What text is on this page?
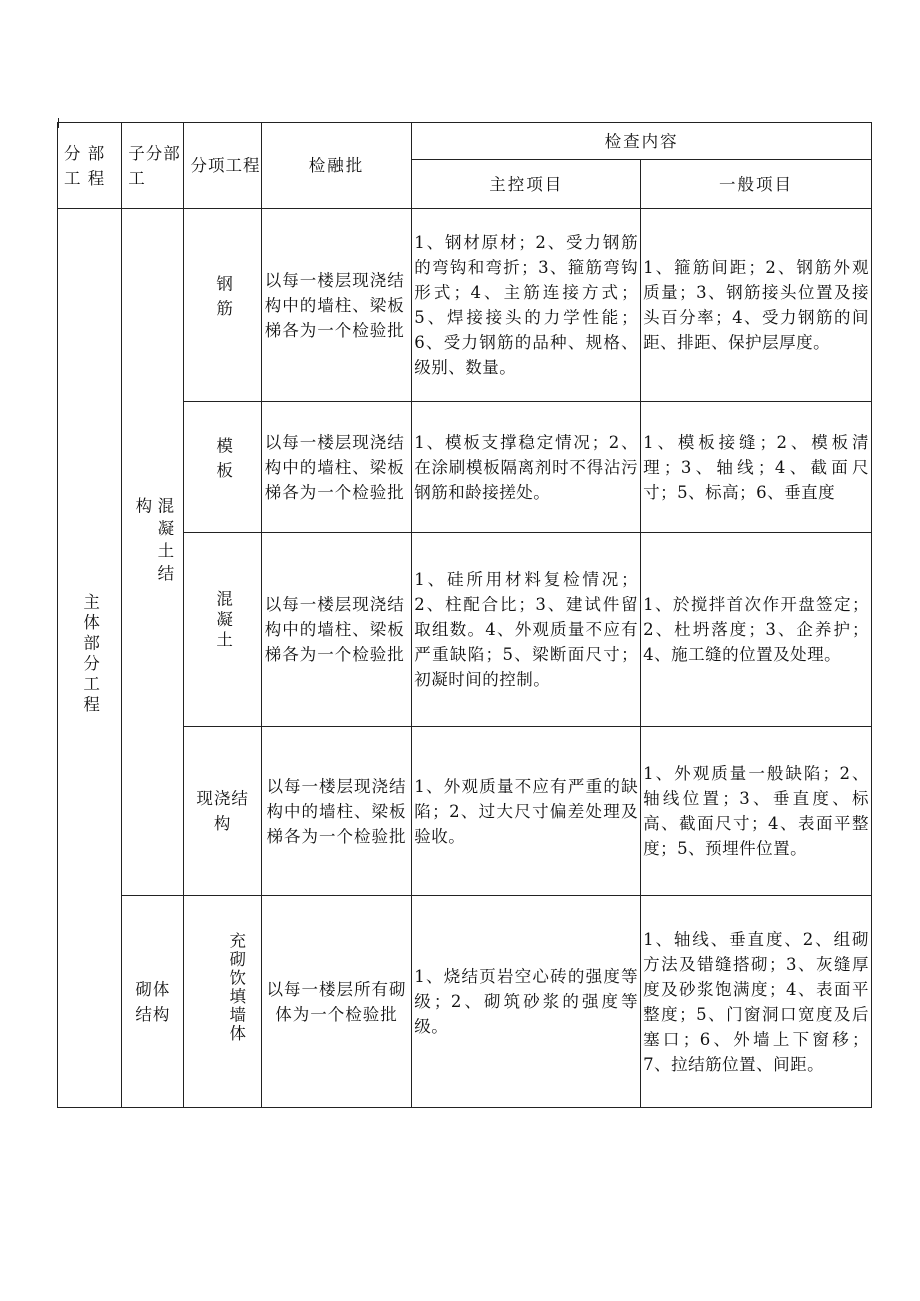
分 部 工 程	子分部工	分项工程	检融批	检查内容	
				主控项目	一般项目

主体部分工程	混凝土结构	钢筋	以每一楼层现浇结构中的墙柱、梁板梯各为一个检验批	1、钢材原材；2、受力钢筋的弯钩和弯折；3、箍筋弯钩形式；4、主筋连接方式；5、焊接接头的力学性能；6、受力钢筋的品种、规格、级别、数量。	1、箍筋间距；2、钢筋外观质量；3、钢筋接头位置及接头百分率；4、受力钢筋的间距、排距、保护层厚度。

		模板	以每一楼层现浇结构中的墙柱、梁板梯各为一个检验批	1、模板支撑稳定情况；2、在涂刷模板隔离剂时不得沾污钢筋和龄接搓处。	1、模板接缝；2、模板清理；3、轴线；4、截面尺寸；5、标高；6、垂直度

		混凝土	以每一楼层现浇结构中的墙柱、梁板梯各为一个检验批	1、硅所用材料复检情况；2、柱配合比；3、建试件留取组数。4、外观质量不应有严重缺陷；5、梁断面尺寸；初凝时间的控制。	1、於搅拌首次作开盘签定；2、杜坍落度；3、企养护；4、施工缝的位置及处理。

		现浇结构	以每一楼层现浇结构中的墙柱、梁板梯各为一个检验批	1、外观质量不应有严重的缺陷；2、过大尺寸偏差处理及验收。	1、外观质量一般缺陷；2、轴线位置；3、垂直度、标高、截面尺寸；4、表面平整度；5、预埋件位置。

	砌体结构	充砌饮填墙体	以每一楼层所有砌体为一个检验批	1、烧结页岩空心砖的强度等级；2、砌筑砂浆的强度等级。	1、轴线、垂直度、2、组砌方法及错缝搭砌；3、灰缝厚度及砂浆饱满度；4、表面平整度；5、门窗洞口宽度及后塞口；6、外墙上下窗移；7、拉结筋位置、间距。
